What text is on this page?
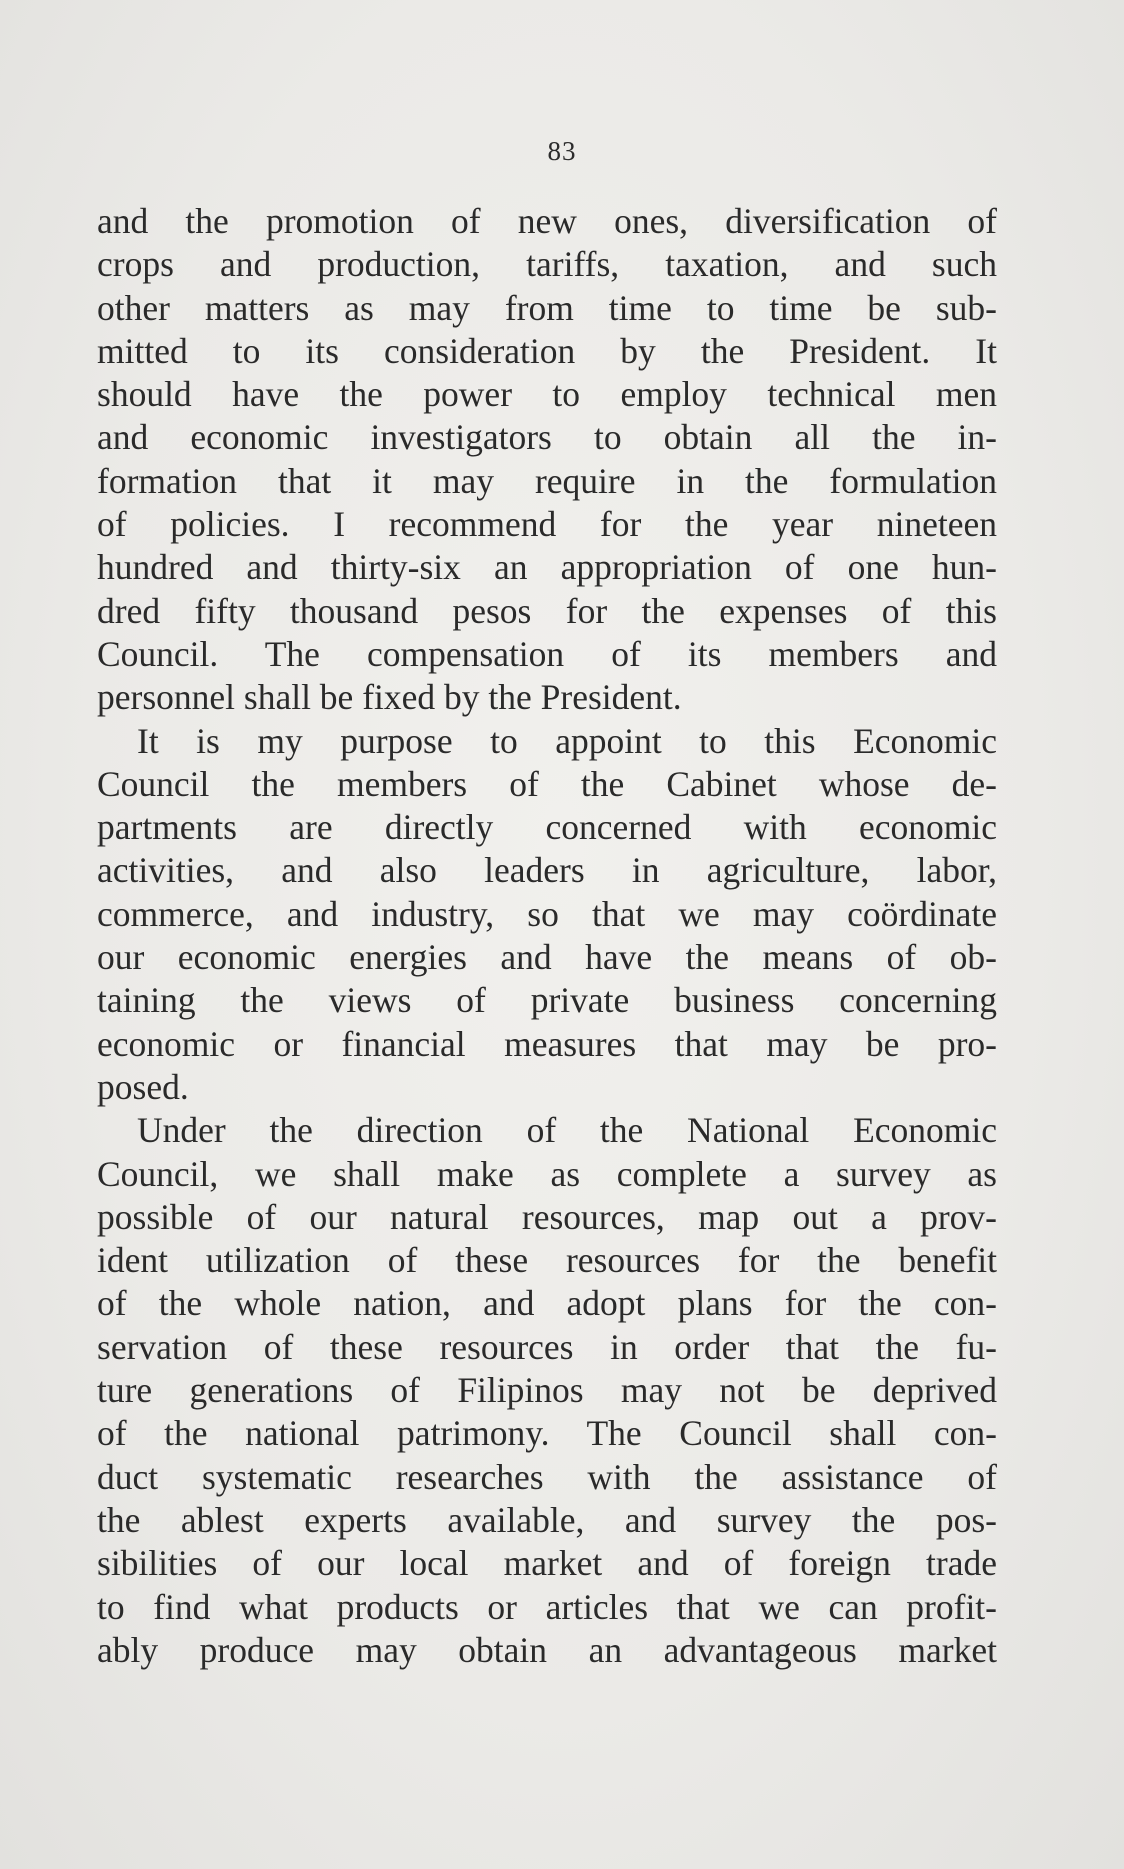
83
and the promotion of new ones, diversification of
crops and production, tariffs, taxation, and such
other matters as may from time to time be sub-
mitted to its consideration by the President. It
should have the power to employ technical men
and economic investigators to obtain all the in-
formation that it may require in the formulation
of policies. I recommend for the year nineteen
hundred and thirty-six an appropriation of one hun-
dred fifty thousand pesos for the expenses of this
Council. The compensation of its members and
personnel shall be fixed by the President.
It is my purpose to appoint to this Economic
Council the members of the Cabinet whose de-
partments are directly concerned with economic
activities, and also leaders in agriculture, labor,
commerce, and industry, so that we may coördinate
our economic energies and have the means of ob-
taining the views of private business concerning
economic or financial measures that may be pro-
posed.
Under the direction of the National Economic
Council, we shall make as complete a survey as
possible of our natural resources, map out a prov-
ident utilization of these resources for the benefit
of the whole nation, and adopt plans for the con-
servation of these resources in order that the fu-
ture generations of Filipinos may not be deprived
of the national patrimony. The Council shall con-
duct systematic researches with the assistance of
the ablest experts available, and survey the pos-
sibilities of our local market and of foreign trade
to find what products or articles that we can profit-
ably produce may obtain an advantageous market
